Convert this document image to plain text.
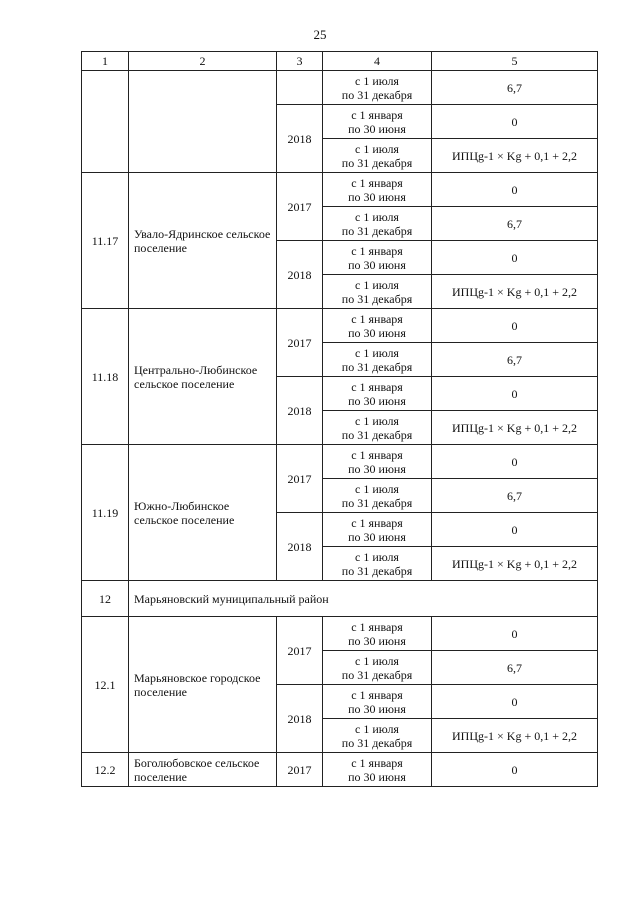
25
1	2	3	4	5

			с 1 июля
по 31 декабря	6,7
		2018	с 1 января
по 30 июня	0

			с 1 июля
по 31 декабря	ИПЦg-1 × Kg + 0,1 + 2,2
11.17	Увало-Ядринское сельское поселение	2017	с 1 января
по 30 июня	0

			с 1 июля
по 31 декабря	6,7
		2018	с 1 января
по 30 июня	0

			с 1 июля
по 31 декабря	ИПЦg-1 × Kg + 0,1 + 2,2
11.18	Центрально-Любинское сельское поселение	2017	с 1 января
по 30 июня	0

			с 1 июля
по 31 декабря	6,7
		2018	с 1 января
по 30 июня	0

			с 1 июля
по 31 декабря	ИПЦg-1 × Kg + 0,1 + 2,2
11.19	Южно-Любинское сельское поселение	2017	с 1 января
по 30 июня	0

			с 1 июля
по 31 декабря	6,7
		2018	с 1 января
по 30 июня	0

			с 1 июля
по 31 декабря	ИПЦg-1 × Kg + 0,1 + 2,2
12	Марьяновский муниципальный район			
12.1	Марьяновское городское поселение	2017	с 1 января
по 30 июня	0

			с 1 июля
по 31 декабря	6,7
		2018	с 1 января
по 30 июня	0

			с 1 июля
по 31 декабря	ИПЦg-1 × Kg + 0,1 + 2,2
12.2	Боголюбовское сельское поселение	2017	с 1 января
по 30 июня	0
